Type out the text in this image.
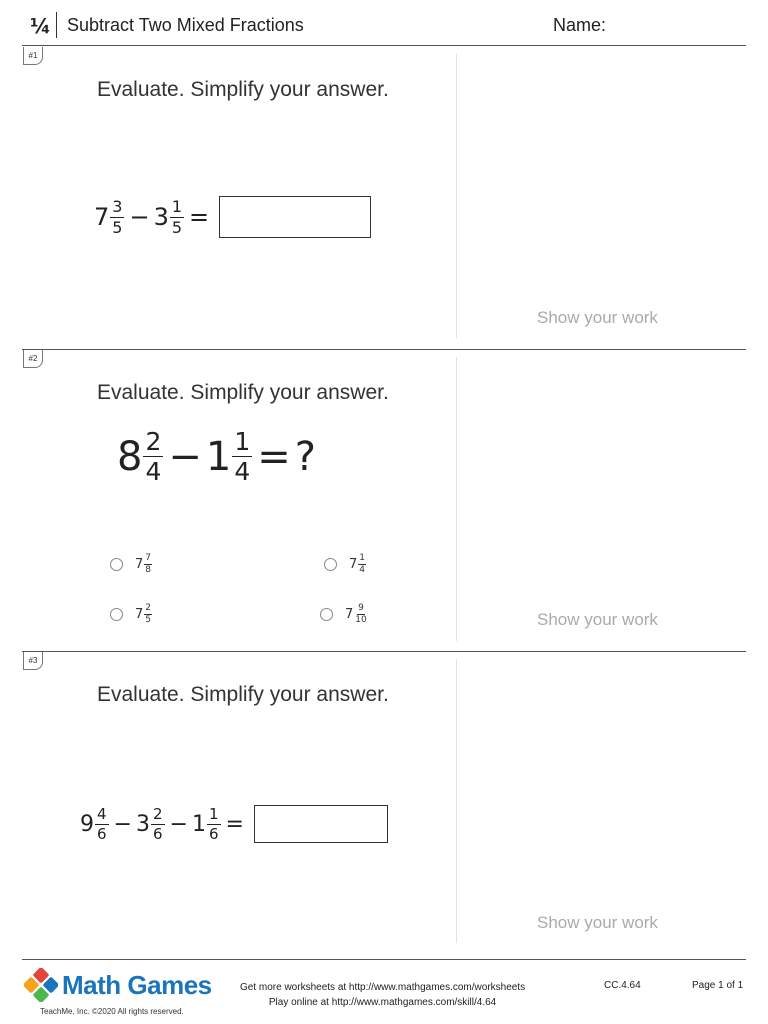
¼ Subtract Two Mixed Fractions	Name:
#1
Evaluate. Simplify your answer.
$7 \frac{3}{5} - 3 \frac{1}{5}$ =
Show your work
#2
Evaluate. Simplify your answer.
$8 \frac{2}{4} - 1 \frac{1}{4}$ = ?
$7 \frac{7}{8}$	$7 \frac{1}{4}$
$7 \frac{2}{5}$	$7 \frac{9}{10}$	Show your work
#3
Evaluate. Simplify your answer.
$9 \frac{4}{6} - 3 \frac{2}{6} - 1 \frac{1}{6}$ =
Show your work
Math Games
TeachMe, Inc. ©2020 All rights reserved.
Get more worksheets at http://www.mathgames.com/worksheets
Play online at http://www.mathgames.com/skill/4.64
CC.4.64	Page 1 of 1
